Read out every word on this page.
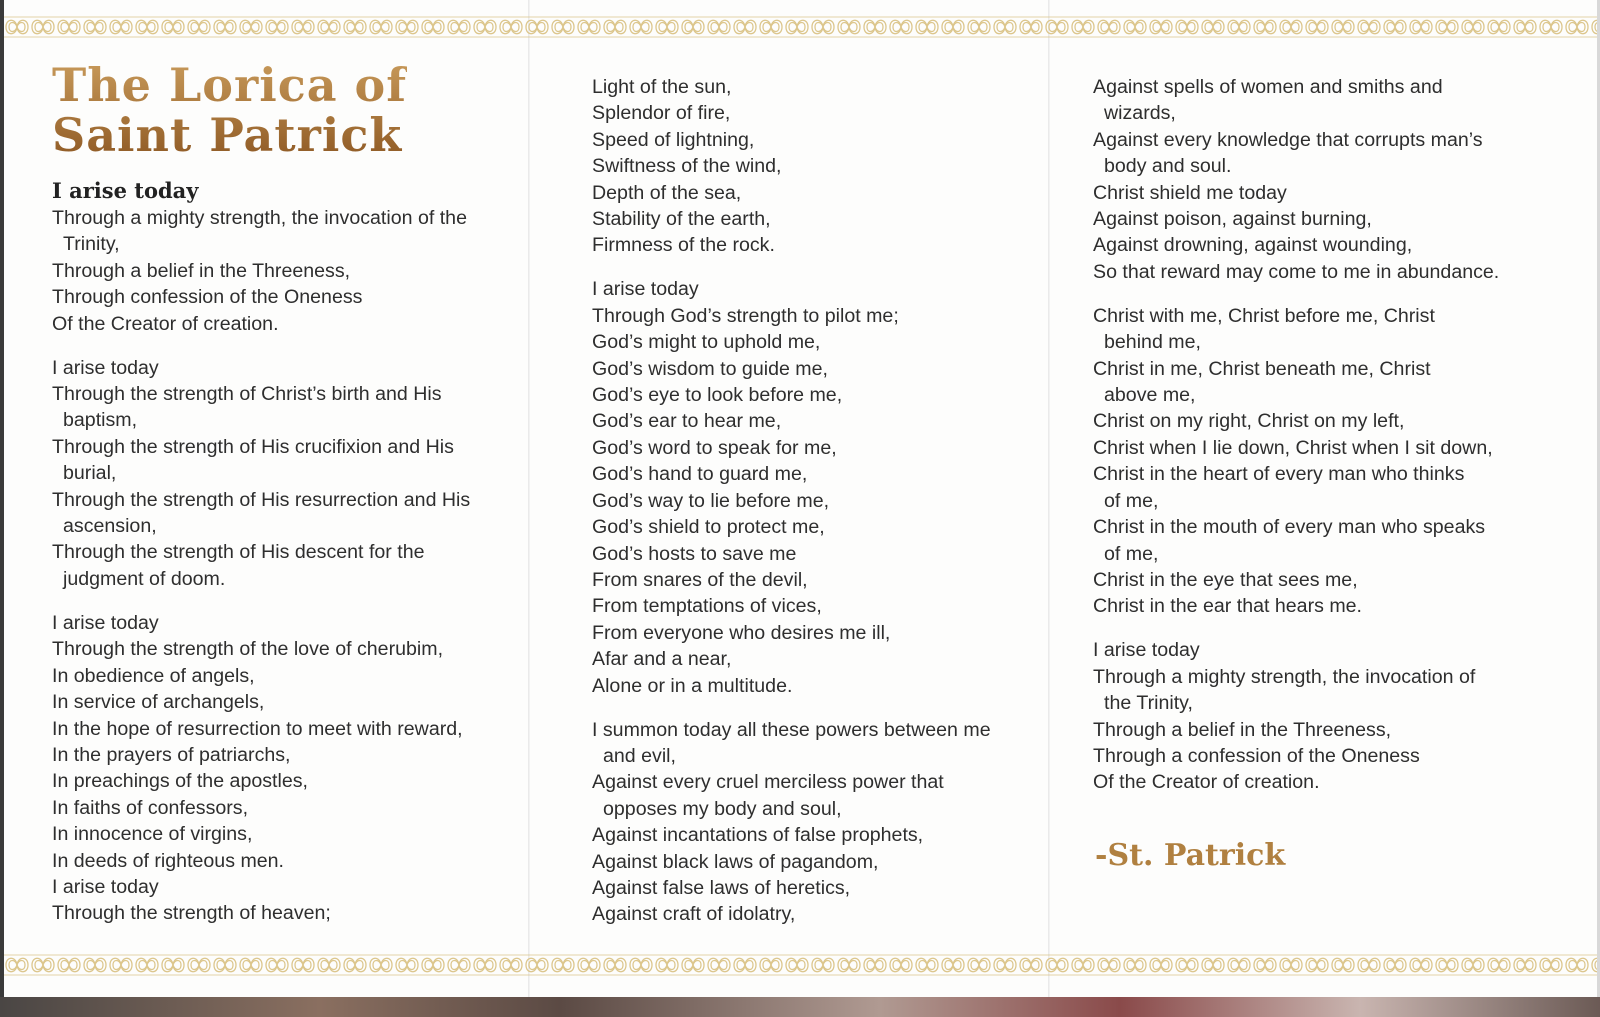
The Lorica of
Saint Patrick
I arise today
Through a mighty strength, the invocation of the
Trinity,
Through a belief in the Threeness,
Through confession of the Oneness
Of the Creator of creation.
I arise today
Through the strength of Christ’s birth and His
baptism,
Through the strength of His crucifixion and His
burial,
Through the strength of His resurrection and His
ascension,
Through the strength of His descent for the
judgment of doom.
I arise today
Through the strength of the love of cherubim,
In obedience of angels,
In service of archangels,
In the hope of resurrection to meet with reward,
In the prayers of patriarchs,
In preachings of the apostles,
In faiths of confessors,
In innocence of virgins,
In deeds of righteous men.
I arise today
Through the strength of heaven;
Light of the sun,
Splendor of fire,
Speed of lightning,
Swiftness of the wind,
Depth of the sea,
Stability of the earth,
Firmness of the rock.
I arise today
Through God’s strength to pilot me;
God’s might to uphold me,
God’s wisdom to guide me,
God’s eye to look before me,
God’s ear to hear me,
God’s word to speak for me,
God’s hand to guard me,
God’s way to lie before me,
God’s shield to protect me,
God’s hosts to save me
From snares of the devil,
From temptations of vices,
From everyone who desires me ill,
Afar and a near,
Alone or in a multitude.
I summon today all these powers between me
and evil,
Against every cruel merciless power that
opposes my body and soul,
Against incantations of false prophets,
Against black laws of pagandom,
Against false laws of heretics,
Against craft of idolatry,
Against spells of women and smiths and
wizards,
Against every knowledge that corrupts man’s
body and soul.
Christ shield me today
Against poison, against burning,
Against drowning, against wounding,
So that reward may come to me in abundance.
Christ with me, Christ before me, Christ
behind me,
Christ in me, Christ beneath me, Christ
above me,
Christ on my right, Christ on my left,
Christ when I lie down, Christ when I sit down,
Christ in the heart of every man who thinks
of me,
Christ in the mouth of every man who speaks
of me,
Christ in the eye that sees me,
Christ in the ear that hears me.
I arise today
Through a mighty strength, the invocation of
the Trinity,
Through a belief in the Threeness,
Through a confession of the Oneness
Of the Creator of creation.
-St. Patrick
